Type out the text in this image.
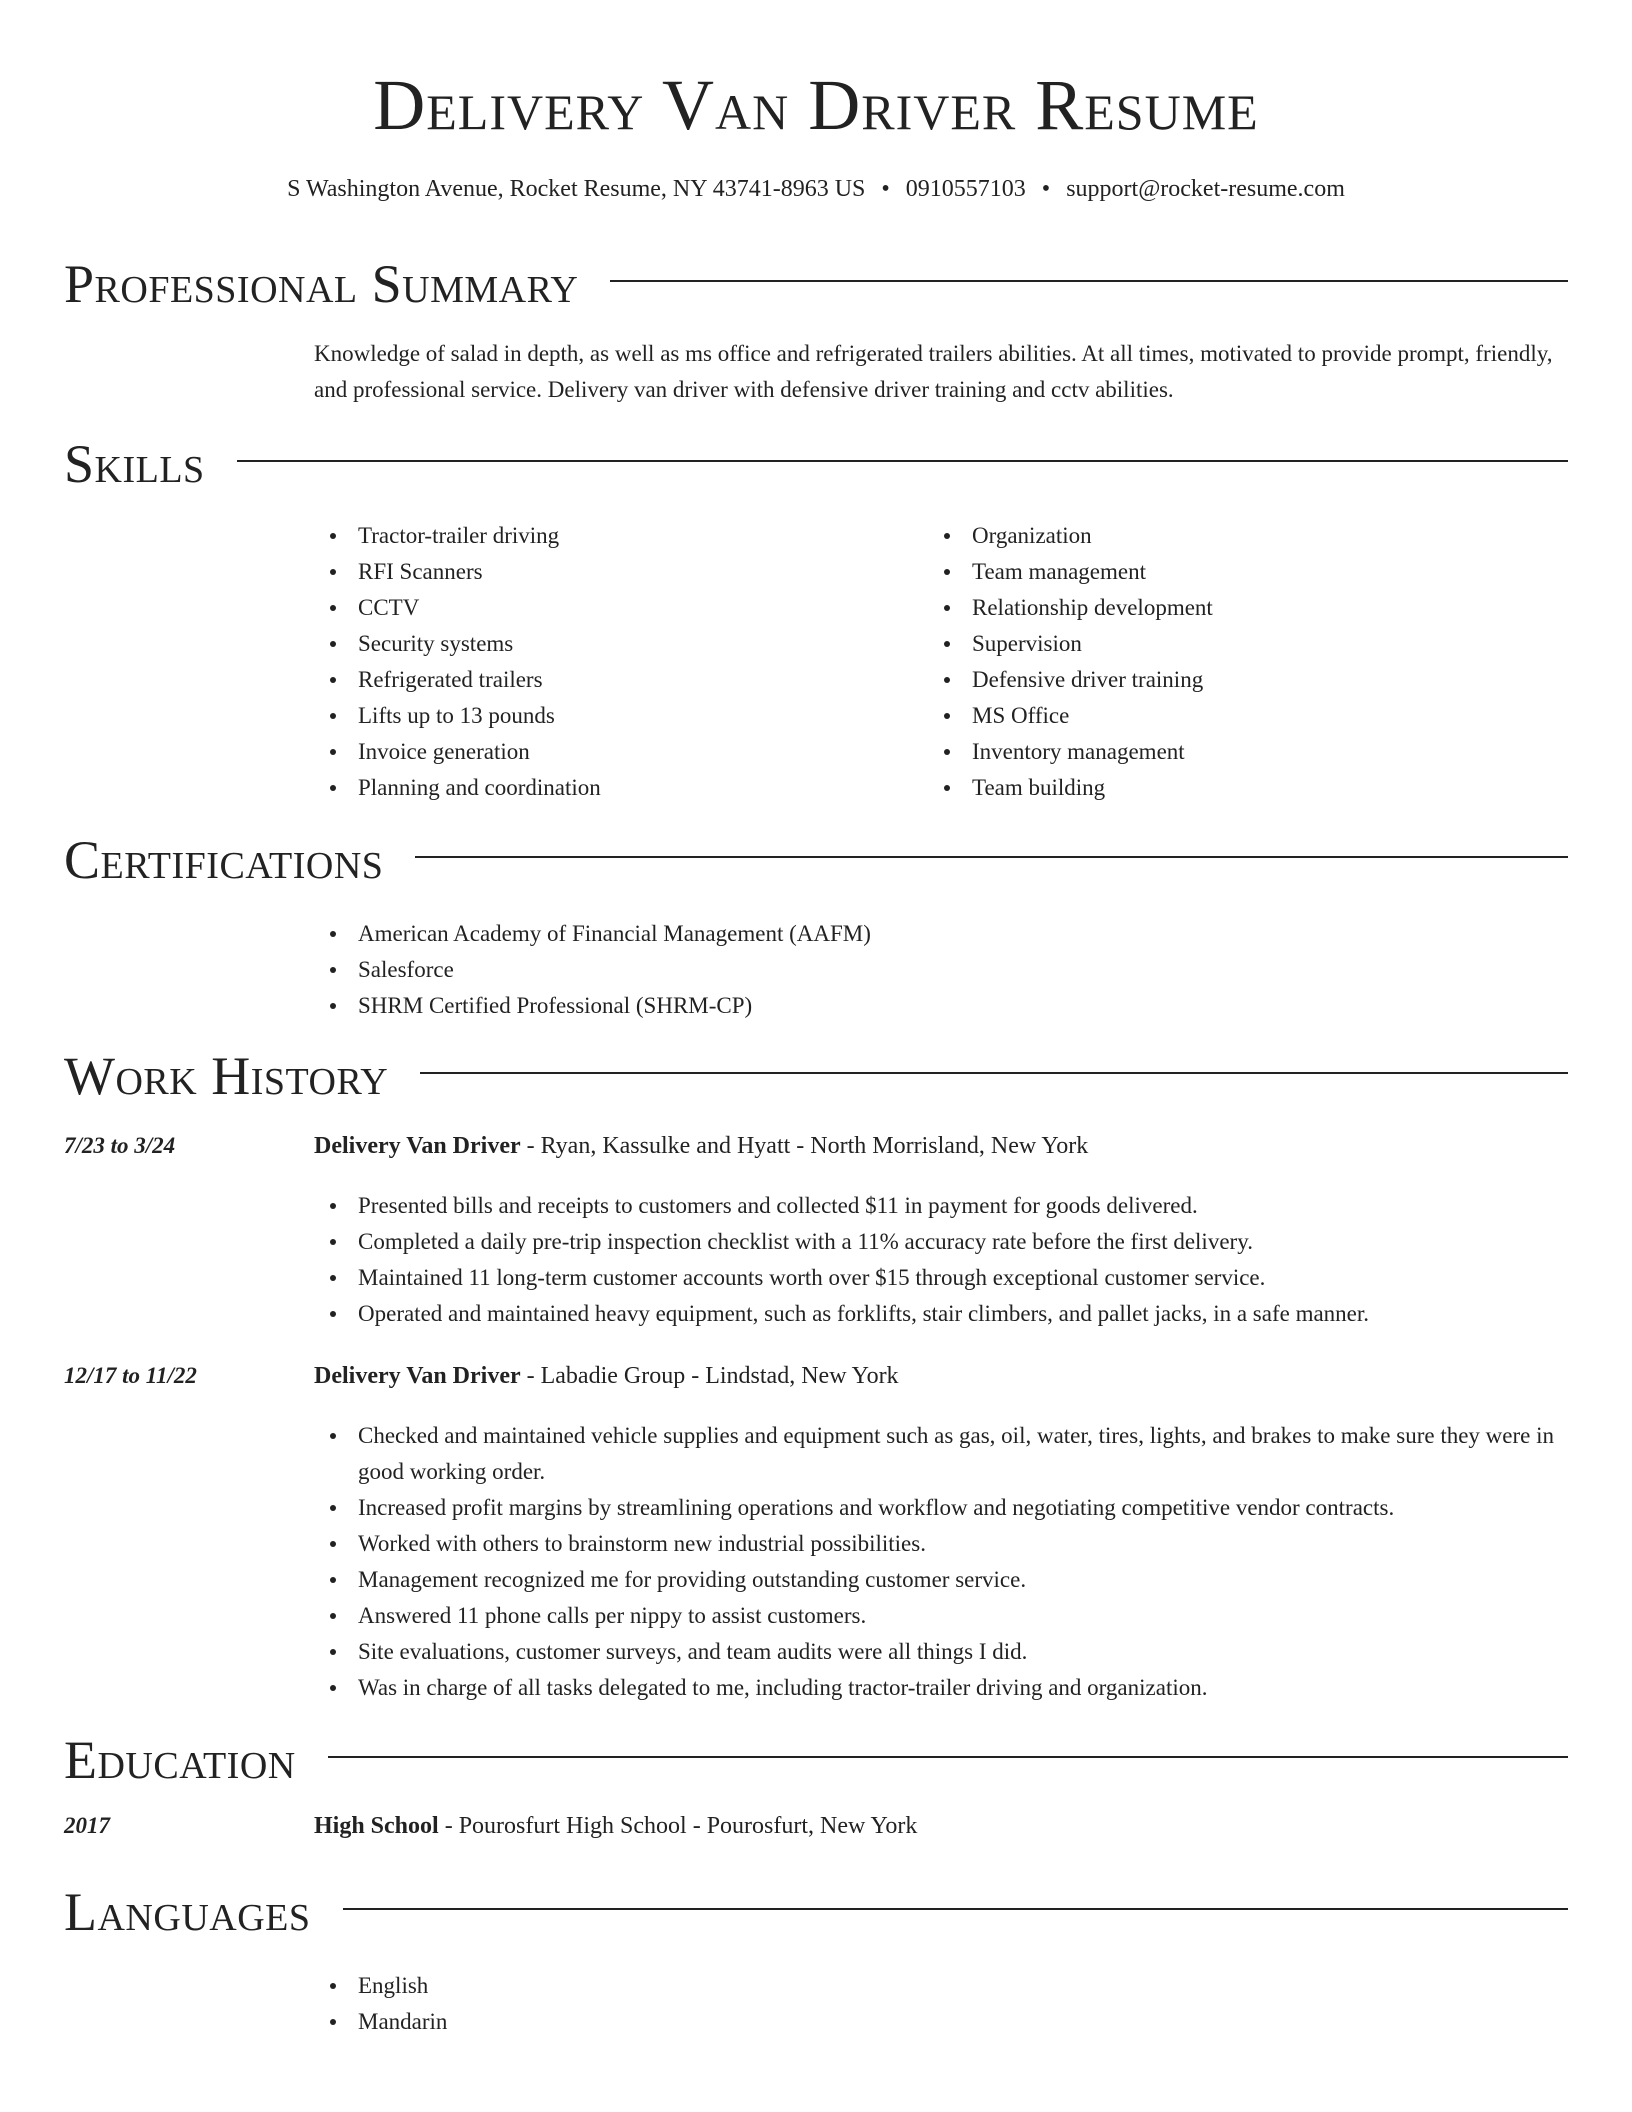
Delivery Van Driver Resume
S Washington Avenue, Rocket Resume, NY 43741-8963 US • 0910557103 • support@rocket-resume.com
Professional Summary
Knowledge of salad in depth, as well as ms office and refrigerated trailers abilities. At all times, motivated to provide prompt, friendly, and professional service. Delivery van driver with defensive driver training and cctv abilities.
Skills
Tractor-trailer driving
RFI Scanners
CCTV
Security systems
Refrigerated trailers
Lifts up to 13 pounds
Invoice generation
Planning and coordination
Organization
Team management
Relationship development
Supervision
Defensive driver training
MS Office
Inventory management
Team building
Certifications
American Academy of Financial Management (AAFM)
Salesforce
SHRM Certified Professional (SHRM-CP)
Work History
7/23 to 3/24	Delivery Van Driver - Ryan, Kassulke and Hyatt - North Morrisland, New York
Presented bills and receipts to customers and collected $11 in payment for goods delivered.
Completed a daily pre-trip inspection checklist with a 11% accuracy rate before the first delivery.
Maintained 11 long-term customer accounts worth over $15 through exceptional customer service.
Operated and maintained heavy equipment, such as forklifts, stair climbers, and pallet jacks, in a safe manner.
12/17 to 11/22	Delivery Van Driver - Labadie Group - Lindstad, New York
Checked and maintained vehicle supplies and equipment such as gas, oil, water, tires, lights, and brakes to make sure they were in good working order.
Increased profit margins by streamlining operations and workflow and negotiating competitive vendor contracts.
Worked with others to brainstorm new industrial possibilities.
Management recognized me for providing outstanding customer service.
Answered 11 phone calls per nippy to assist customers.
Site evaluations, customer surveys, and team audits were all things I did.
Was in charge of all tasks delegated to me, including tractor-trailer driving and organization.
Education
2017	High School - Pourosfurt High School - Pourosfurt, New York
Languages
English
Mandarin
